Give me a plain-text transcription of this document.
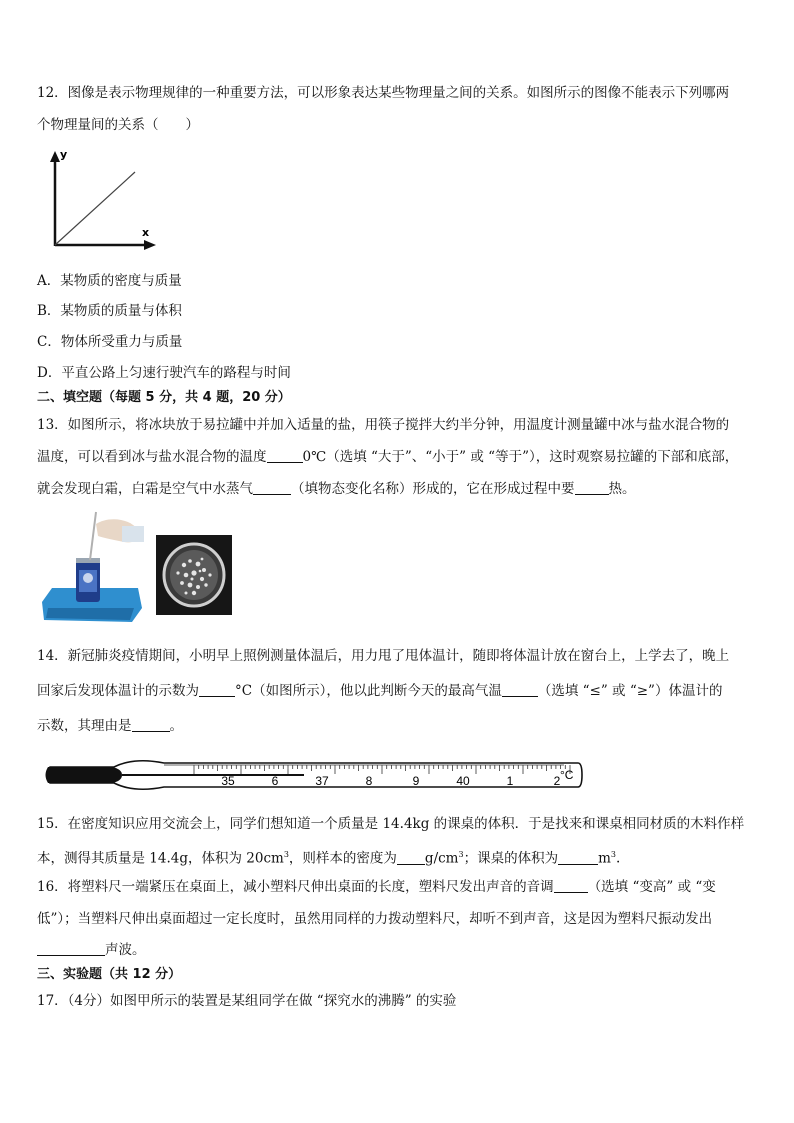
12．图像是表示物理规律的一种重要方法，可以形象表达某些物理量之间的关系。如图所示的图像不能表示下列哪两
个物理量间的关系（　　）
y
x
A．某物质的密度与质量
B．某物质的质量与体积
C．物体所受重力与质量
D．平直公路上匀速行驶汽车的路程与时间
二、填空题（每题 5 分，共 4 题，20 分）
13．如图所示，将冰块放于易拉罐中并加入适量的盐，用筷子搅拌大约半分钟，用温度计测量罐中冰与盐水混合物的
温度，可以看到冰与盐水混合物的温度	0℃（选填 “大于”、“小于” 或 “等于”），这时观察易拉罐的下部和底部，
就会发现白霜，白霜是空气中水蒸气	（填物态变化名称）形成的，它在形成过程中要	热。
14．新冠肺炎疫情期间，小明早上照例测量体温后，用力甩了甩体温计，随即将体温计放在窗台上，上学去了，晚上
回家后发现体温计的示数为	°C（如图所示），他以此判断今天的最高气温	（选填 “≤” 或 “≥”）体温计的
示数，其理由是	。
35	6	37	8	9	40	1	2 °C
15．在密度知识应用交流会上，同学们想知道一个质量是 14.4kg 的课桌的体积．于是找来和课桌相同材质的木料作样
本，测得其质量是 14.4g，体积为 $20cm^3$，则样本的密度为 $g/cm^3$；课桌的体积为	$m^3$.
16．将塑料尺一端紧压在桌面上，减小塑料尺伸出桌面的长度，塑料尺发出声音的音调	（选填 “变高” 或 “变
低”）；当塑料尺伸出桌面超过一定长度时，虽然用同样的力拨动塑料尺，却听不到声音，这是因为塑料尺振动发出
声波。
三、实验题（共 12 分）
17．（4分）如图甲所示的装置是某组同学在做 “探究水的沸腾” 的实验
